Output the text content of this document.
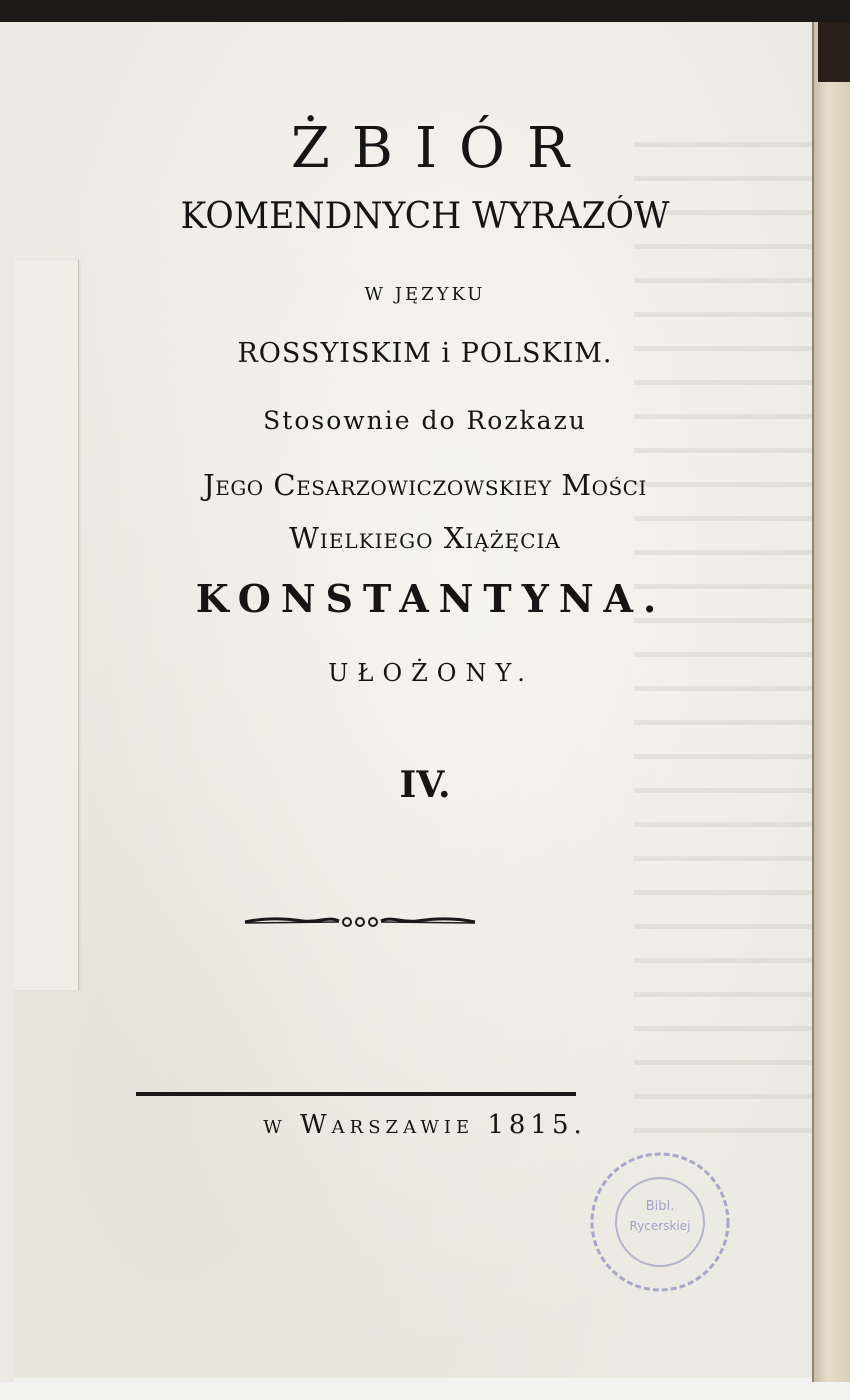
ŻBIÓR
KOMENDNYCH WYRAZÓW
W JĘZYKU
ROSSYISKIM i POLSKIM.
Stosownie do Rozkazu
Jego Cesarzowiczowskiey Mości
Wielkiego Xiążęcia
KONSTANTYNA.
UŁOŻONY.
IV.
w Warszawie 1815.
Bibl.
Rycerskiej
